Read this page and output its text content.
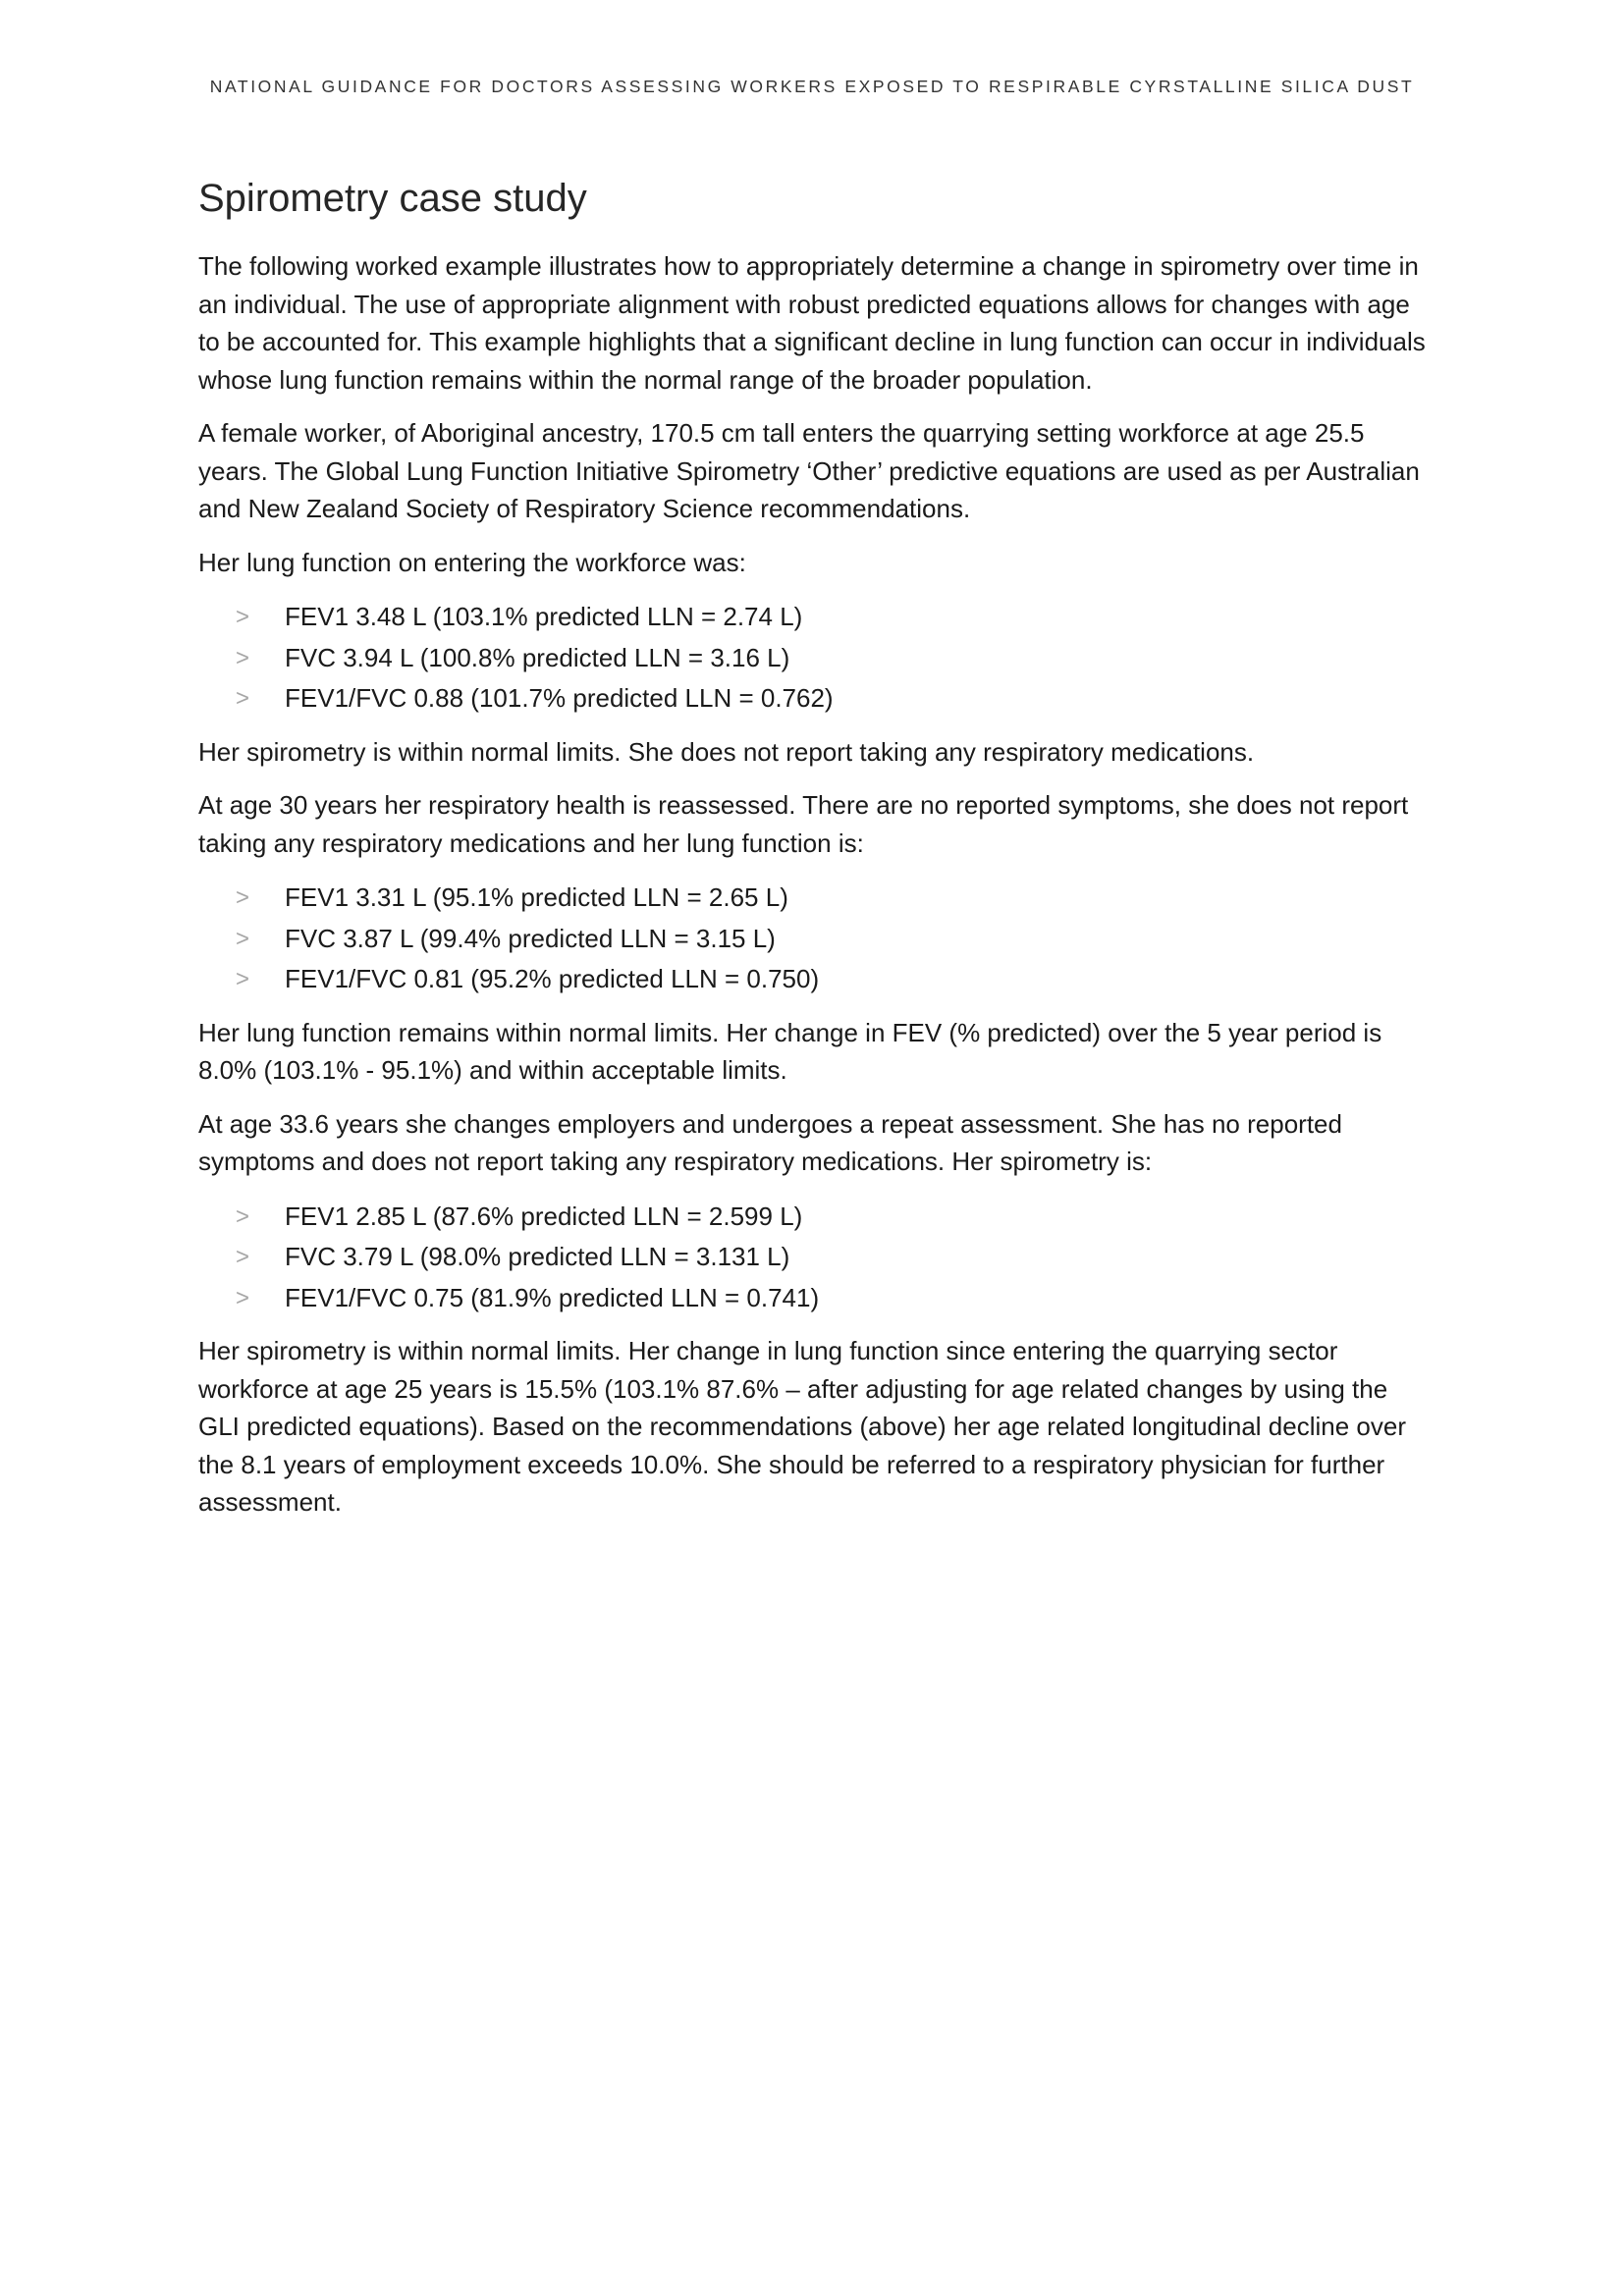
NATIONAL GUIDANCE FOR DOCTORS ASSESSING WORKERS EXPOSED TO RESPIRABLE CYRSTALLINE SILICA DUST
Spirometry case study

The following worked example illustrates how to appropriately determine a change in spirometry over time in an individual. The use of appropriate alignment with robust predicted equations allows for changes with age to be accounted for. This example highlights that a significant decline in lung function can occur in individuals whose lung function remains within the normal range of the broader population.

A female worker, of Aboriginal ancestry, 170.5 cm tall enters the quarrying setting workforce at age 25.5 years. The Global Lung Function Initiative Spirometry ‘Other’ predictive equations are used as per Australian and New Zealand Society of Respiratory Science recommendations.

Her lung function on entering the workforce was:

> FEV1 3.48 L (103.1% predicted LLN = 2.74 L)
> FVC 3.94 L (100.8% predicted LLN = 3.16 L)
> FEV1/FVC 0.88 (101.7% predicted LLN = 0.762)

Her spirometry is within normal limits. She does not report taking any respiratory medications.

At age 30 years her respiratory health is reassessed. There are no reported symptoms, she does not report taking any respiratory medications and her lung function is:

> FEV1 3.31 L (95.1% predicted LLN = 2.65 L)
> FVC 3.87 L (99.4% predicted LLN = 3.15 L)
> FEV1/FVC 0.81 (95.2% predicted LLN = 0.750)

Her lung function remains within normal limits. Her change in FEV (% predicted) over the 5 year period is 8.0% (103.1% - 95.1%) and within acceptable limits.

At age 33.6 years she changes employers and undergoes a repeat assessment. She has no reported symptoms and does not report taking any respiratory medications. Her spirometry is:

> FEV1 2.85 L (87.6% predicted LLN = 2.599 L)
> FVC 3.79 L (98.0% predicted LLN = 3.131 L)
> FEV1/FVC 0.75 (81.9% predicted LLN = 0.741)

Her spirometry is within normal limits. Her change in lung function since entering the quarrying sector workforce at age 25 years is 15.5% (103.1% 87.6% – after adjusting for age related changes by using the GLI predicted equations). Based on the recommendations (above) her age related longitudinal decline over the 8.1 years of employment exceeds 10.0%. She should be referred to a respiratory physician for further assessment.
